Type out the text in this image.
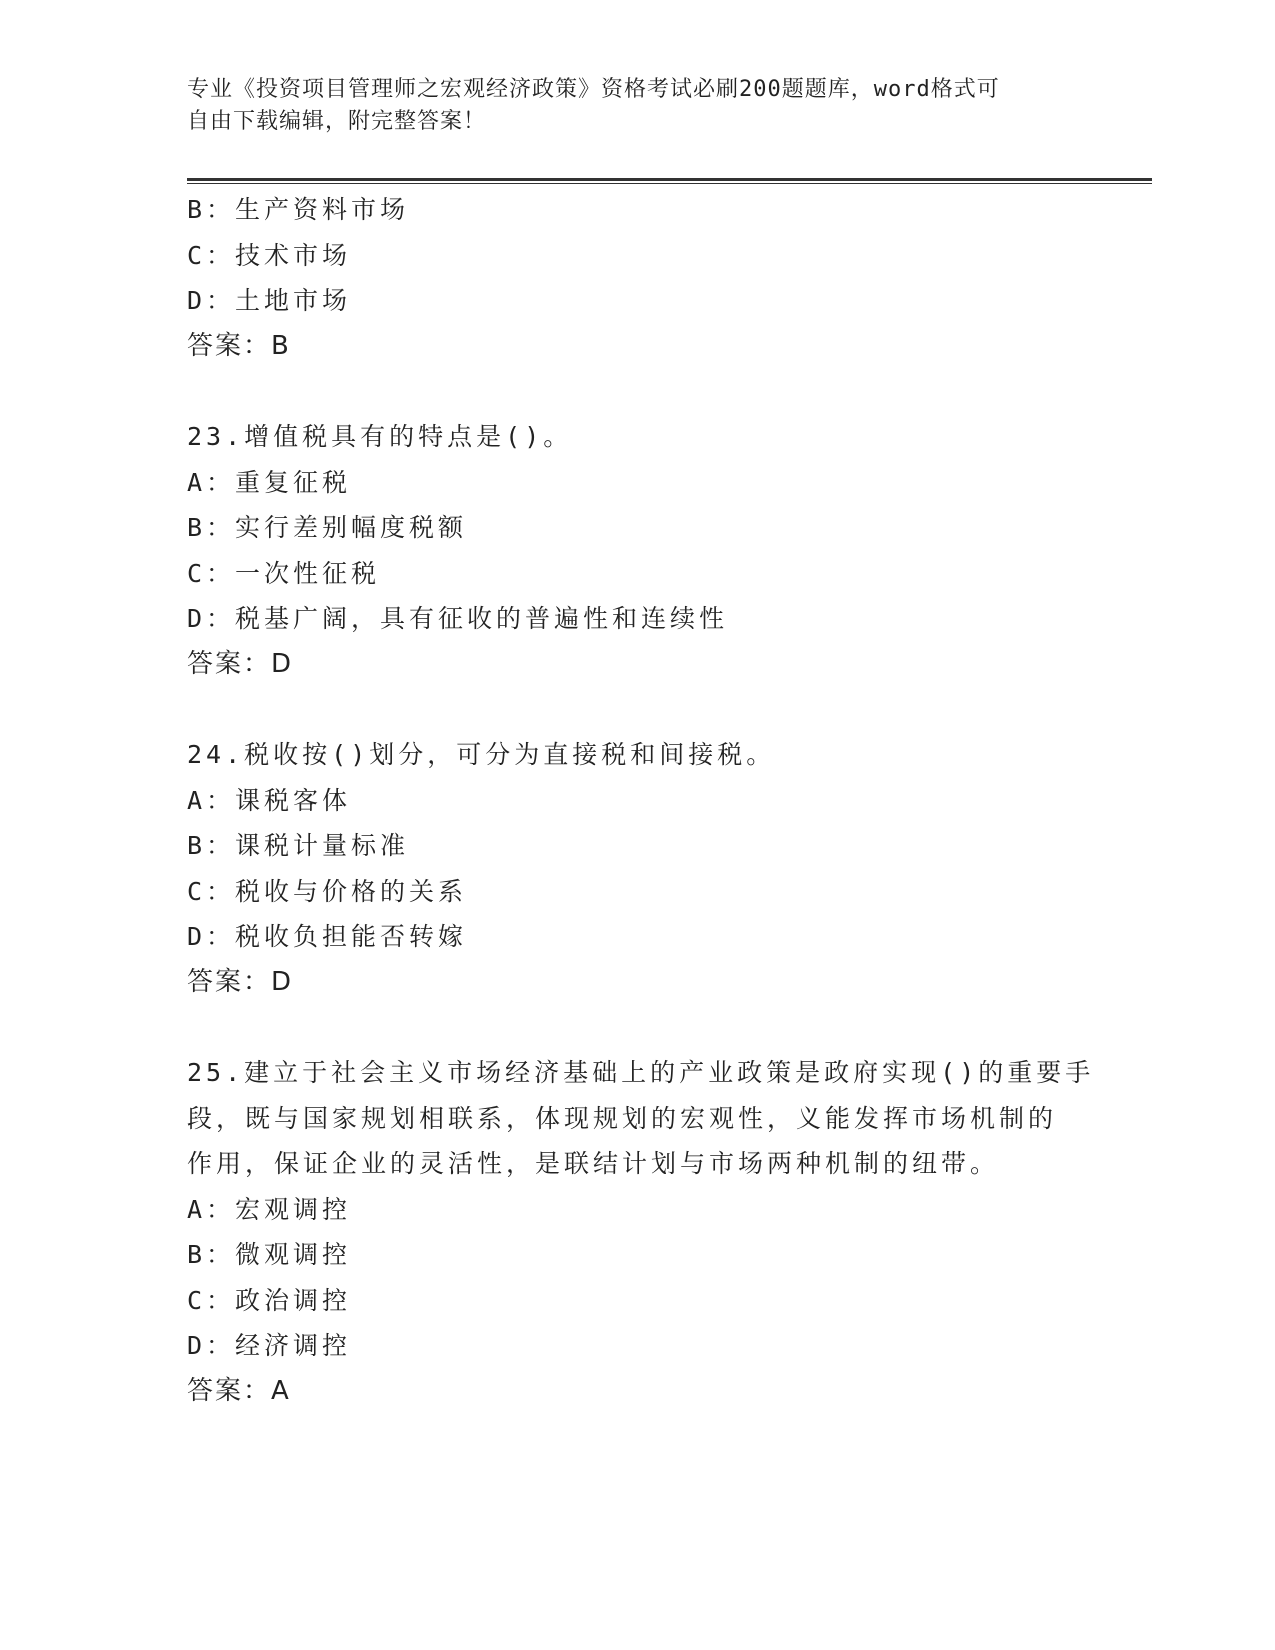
专业《投资项目管理师之宏观经济政策》资格考试必刷200题题库，word格式可
自由下载编辑，附完整答案！
B：生产资料市场
C：技术市场
D：土地市场
答案：B
23.增值税具有的特点是()。
A：重复征税
B：实行差别幅度税额
C：一次性征税
D：税基广阔，具有征收的普遍性和连续性
答案：D
24.税收按()划分，可分为直接税和间接税。
A：课税客体
B：课税计量标准
C：税收与价格的关系
D：税收负担能否转嫁
答案：D
25.建立于社会主义市场经济基础上的产业政策是政府实现()的重要手
段，既与国家规划相联系，体现规划的宏观性，义能发挥市场机制的
作用，保证企业的灵活性，是联结计划与市场两种机制的纽带。
A：宏观调控
B：微观调控
C：政治调控
D：经济调控
答案：A
